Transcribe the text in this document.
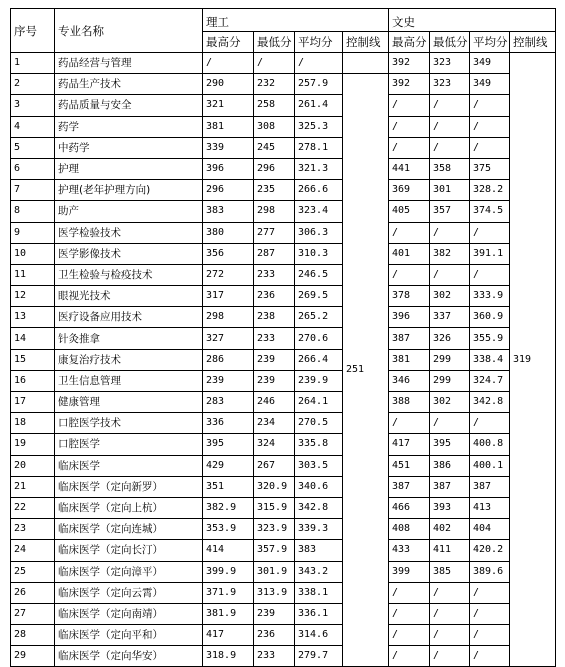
序号	专业名称	理工				文史			
		最高分	最低分	平均分	控制线	最高分	最低分	平均分	控制线
1	药品经营与管理	/	/	/		392	323	349	319
2	药品生产技术	290	232	257.9	251	392	323	349	
3	药品质量与安全	321	258	261.4		/	/	/	
4	药学	381	308	325.3		/	/	/	
5	中药学	339	245	278.1		/	/	/	
6	护理	396	296	321.3		441	358	375	
7	护理(老年护理方向)	296	235	266.6		369	301	328.2	
8	助产	383	298	323.4		405	357	374.5	
9	医学检验技术	380	277	306.3		/	/	/	
10	医学影像技术	356	287	310.3		401	382	391.1	
11	卫生检验与检疫技术	272	233	246.5		/	/	/	
12	眼视光技术	317	236	269.5		378	302	333.9	
13	医疗设备应用技术	298	238	265.2		396	337	360.9	
14	针灸推拿	327	233	270.6		387	326	355.9	
15	康复治疗技术	286	239	266.4		381	299	338.4	
16	卫生信息管理	239	239	239.9		346	299	324.7	
17	健康管理	283	246	264.1		388	302	342.8	
18	口腔医学技术	336	234	270.5		/	/	/	
19	口腔医学	395	324	335.8		417	395	400.8	
20	临床医学	429	267	303.5		451	386	400.1	
21	临床医学（定向新罗）	351	320.9	340.6		387	387	387	
22	临床医学（定向上杭）	382.9	315.9	342.8		466	393	413	
23	临床医学（定向连城）	353.9	323.9	339.3		408	402	404	
24	临床医学（定向长汀）	414	357.9	383		433	411	420.2	
25	临床医学（定向漳平）	399.9	301.9	343.2		399	385	389.6	
26	临床医学（定向云霄）	371.9	313.9	338.1		/	/	/	
27	临床医学（定向南靖）	381.9	239	336.1		/	/	/	
28	临床医学（定向平和）	417	236	314.6		/	/	/	
29	临床医学（定向华安）	318.9	233	279.7		/	/	/	
